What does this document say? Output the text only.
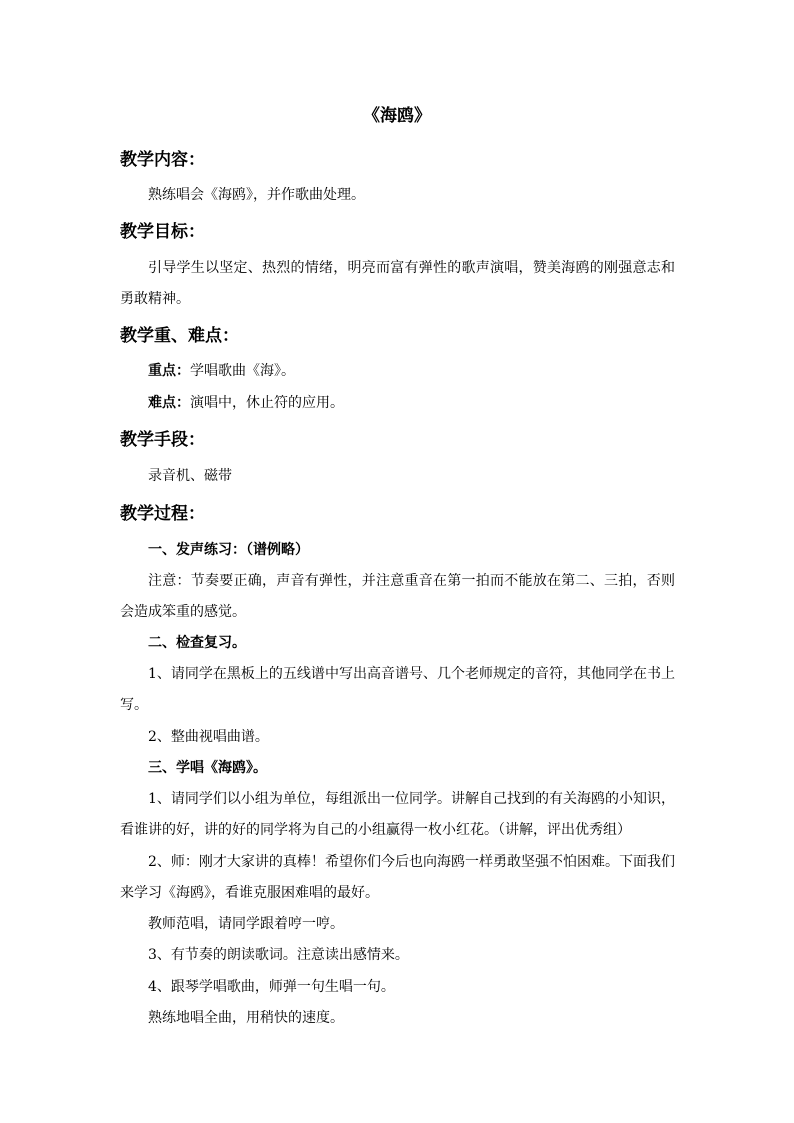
《海鸥》
教学内容：

熟练唱会《海鸥》，并作歌曲处理。

教学目标：

引导学生以坚定、热烈的情绪，明亮而富有弹性的歌声演唱，赞美海鸥的刚强意志和勇敢精神。

教学重、难点：

重点：学唱歌曲《海》。

难点：演唱中，休止符的应用。

教学手段：

录音机、磁带

教学过程：

一、发声练习：（谱例略）

注意：节奏要正确，声音有弹性，并注意重音在第一拍而不能放在第二、三拍，否则会造成笨重的感觉。

二、检查复习。

1、请同学在黑板上的五线谱中写出高音谱号、几个老师规定的音符，其他同学在书上写。

2、整曲视唱曲谱。

三、学唱《海鸥》。

1、请同学们以小组为单位，每组派出一位同学。讲解自己找到的有关海鸥的小知识，看谁讲的好，讲的好的同学将为自己的小组赢得一枚小红花。（讲解，评出优秀组）

2、师：刚才大家讲的真棒！希望你们今后也向海鸥一样勇敢坚强不怕困难。下面我们来学习《海鸥》，看谁克服困难唱的最好。

教师范唱，请同学跟着哼一哼。

3、有节奏的朗读歌词。注意读出感情来。

4、跟琴学唱歌曲，师弹一句生唱一句。

熟练地唱全曲，用稍快的速度。
